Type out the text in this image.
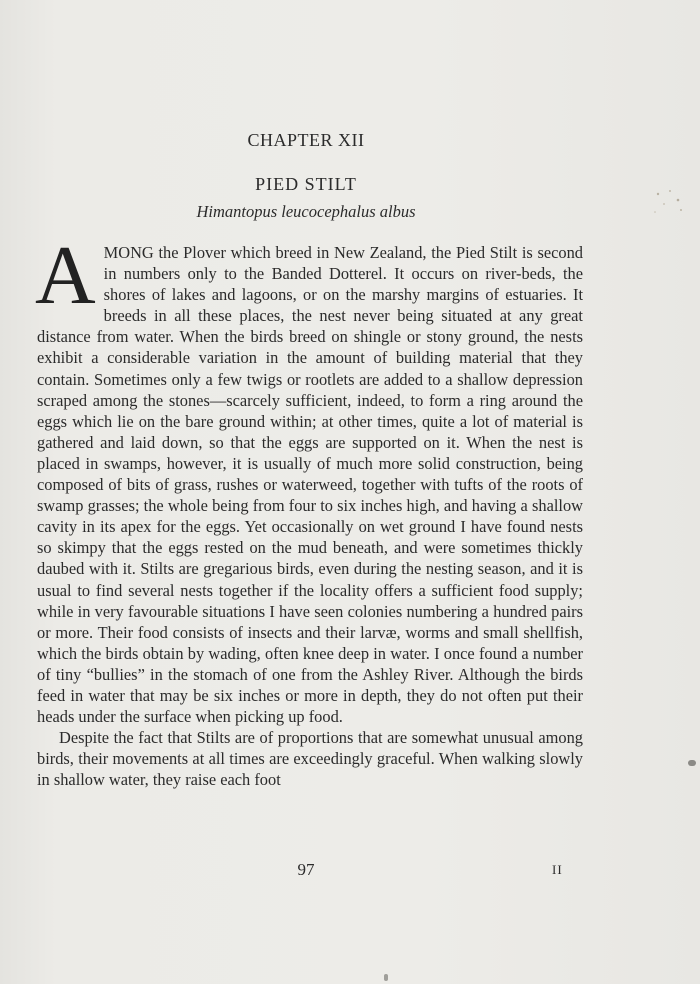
CHAPTER XII
PIED STILT
Himantopus leucocephalus albus

AMONG the Plover which breed in New Zealand, the Pied Stilt is second in numbers only to the Banded Dotterel. It occurs on river-beds, the shores of lakes and lagoons, or on the marshy margins of estuaries. It breeds in all these places, the nest never being situated at any great distance from water. When the birds breed on shingle or stony ground, the nests exhibit a considerable variation in the amount of building material that they contain. Sometimes only a few twigs or rootlets are added to a shallow depression scraped among the stones—scarcely sufficient, indeed, to form a ring around the eggs which lie on the bare ground within; at other times, quite a lot of material is gathered and laid down, so that the eggs are supported on it. When the nest is placed in swamps, however, it is usually of much more solid construction, being composed of bits of grass, rushes or waterweed, together with tufts of the roots of swamp grasses; the whole being from four to six inches high, and having a shallow cavity in its apex for the eggs. Yet occasionally on wet ground I have found nests so skimpy that the eggs rested on the mud beneath, and were sometimes thickly daubed with it. Stilts are gregarious birds, even during the nesting season, and it is usual to find several nests together if the locality offers a sufficient food supply; while in very favourable situations I have seen colonies numbering a hundred pairs or more. Their food consists of insects and their larvæ, worms and small shellfish, which the birds obtain by wading, often knee deep in water. I once found a number of tiny “bullies” in the stomach of one from the Ashley River. Although the birds feed in water that may be six inches or more in depth, they do not often put their heads under the surface when picking up food.

Despite the fact that Stilts are of proportions that are somewhat unusual among birds, their movements at all times are exceedingly graceful. When walking slowly in shallow water, they raise each foot

97	II
